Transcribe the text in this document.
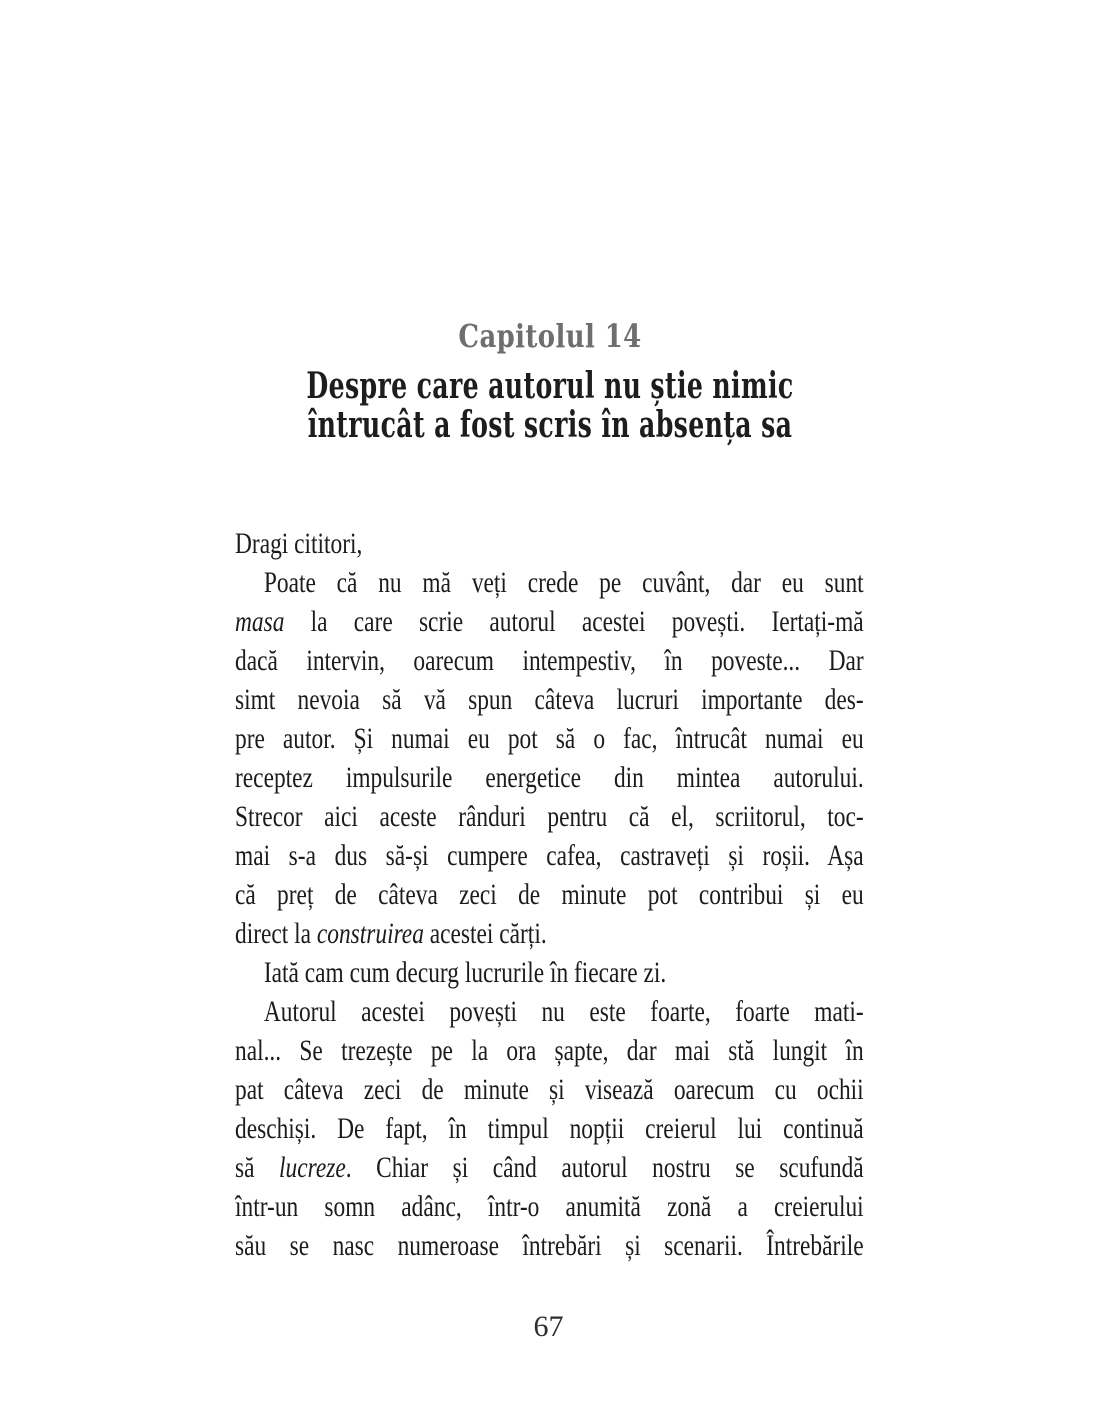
Capitolul 14
Despre care autorul nu știe nimic
întrucât a fost scris în absența sa
Dragi cititori,
Poate că nu mă veți crede pe cuvânt, dar eu sunt
masa la care scrie autorul acestei povești. Iertați-mă
dacă intervin, oarecum intempestiv, în poveste... Dar
simt nevoia să vă spun câteva lucruri importante des-
pre autor. Și numai eu pot să o fac, întrucât numai eu
receptez impulsurile energetice din mintea autorului.
Strecor aici aceste rânduri pentru că el, scriitorul, toc-
mai s-a dus să-și cumpere cafea, castraveți și roșii. Așa
că preț de câteva zeci de minute pot contribui și eu
direct la construirea acestei cărți.
Iată cam cum decurg lucrurile în fiecare zi.
Autorul acestei povești nu este foarte, foarte mati-
nal... Se trezește pe la ora șapte, dar mai stă lungit în
pat câteva zeci de minute și visează oarecum cu ochii
deschiși. De fapt, în timpul nopții creierul lui continuă
să lucreze. Chiar și când autorul nostru se scufundă
într-un somn adânc, într-o anumită zonă a creierului
său se nasc numeroase întrebări și scenarii. Întrebările
67
